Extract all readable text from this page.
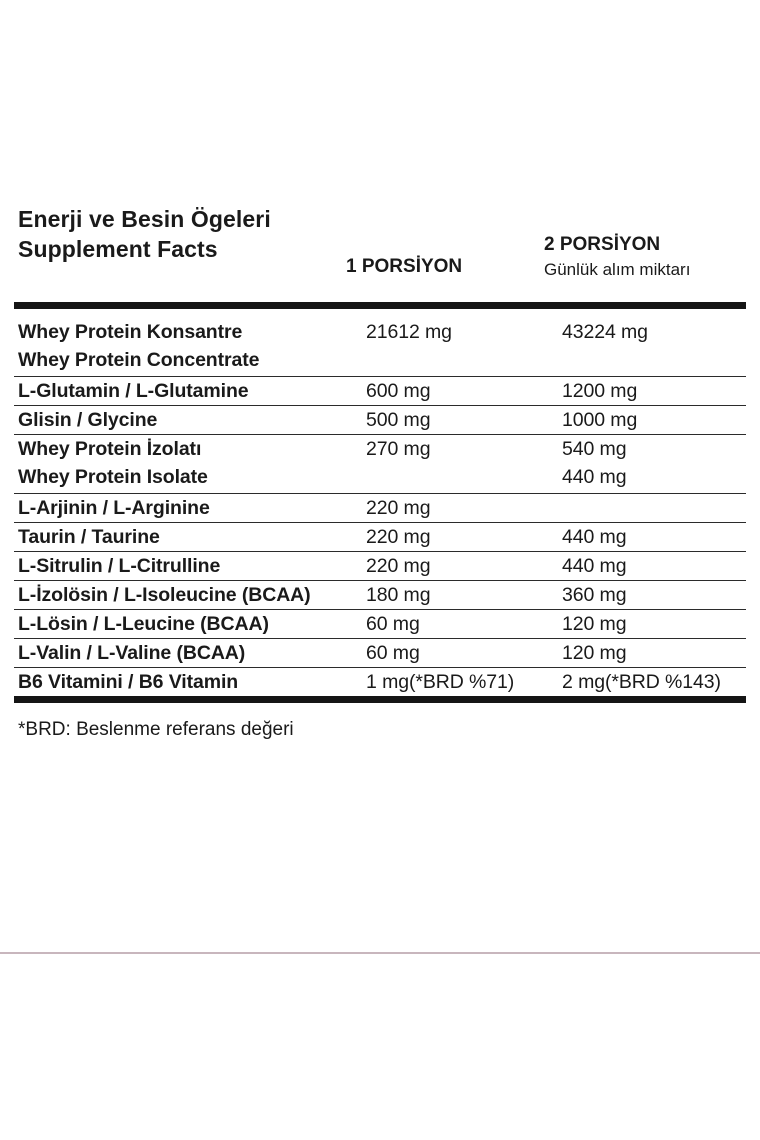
Enerji ve Besin Ögeleri
Supplement Facts
1 PORSİYON
2 PORSİYON
Günlük alım miktarı
Whey Protein Konsantre	21612 mg	43224 mg
Whey Protein Concentrate		
L-Glutamin / L-Glutamine	600 mg	1200 mg
Glisin / Glycine	500 mg	1000 mg
Whey Protein İzolatı	270 mg	540 mg
Whey Protein Isolate		440 mg
L-Arjinin / L-Arginine	220 mg	
Taurin / Taurine	220 mg	440 mg
L-Sitrulin / L-Citrulline	220 mg	440 mg
L-İzolösin / L-Isoleucine (BCAA)	180 mg	360 mg
L-Lösin / L-Leucine (BCAA)	60 mg	120 mg
L-Valin / L-Valine (BCAA)	60 mg	120 mg
B6 Vitamini / B6 Vitamin	1 mg(*BRD %71)	2 mg(*BRD %143)
*BRD: Beslenme referans değeri
